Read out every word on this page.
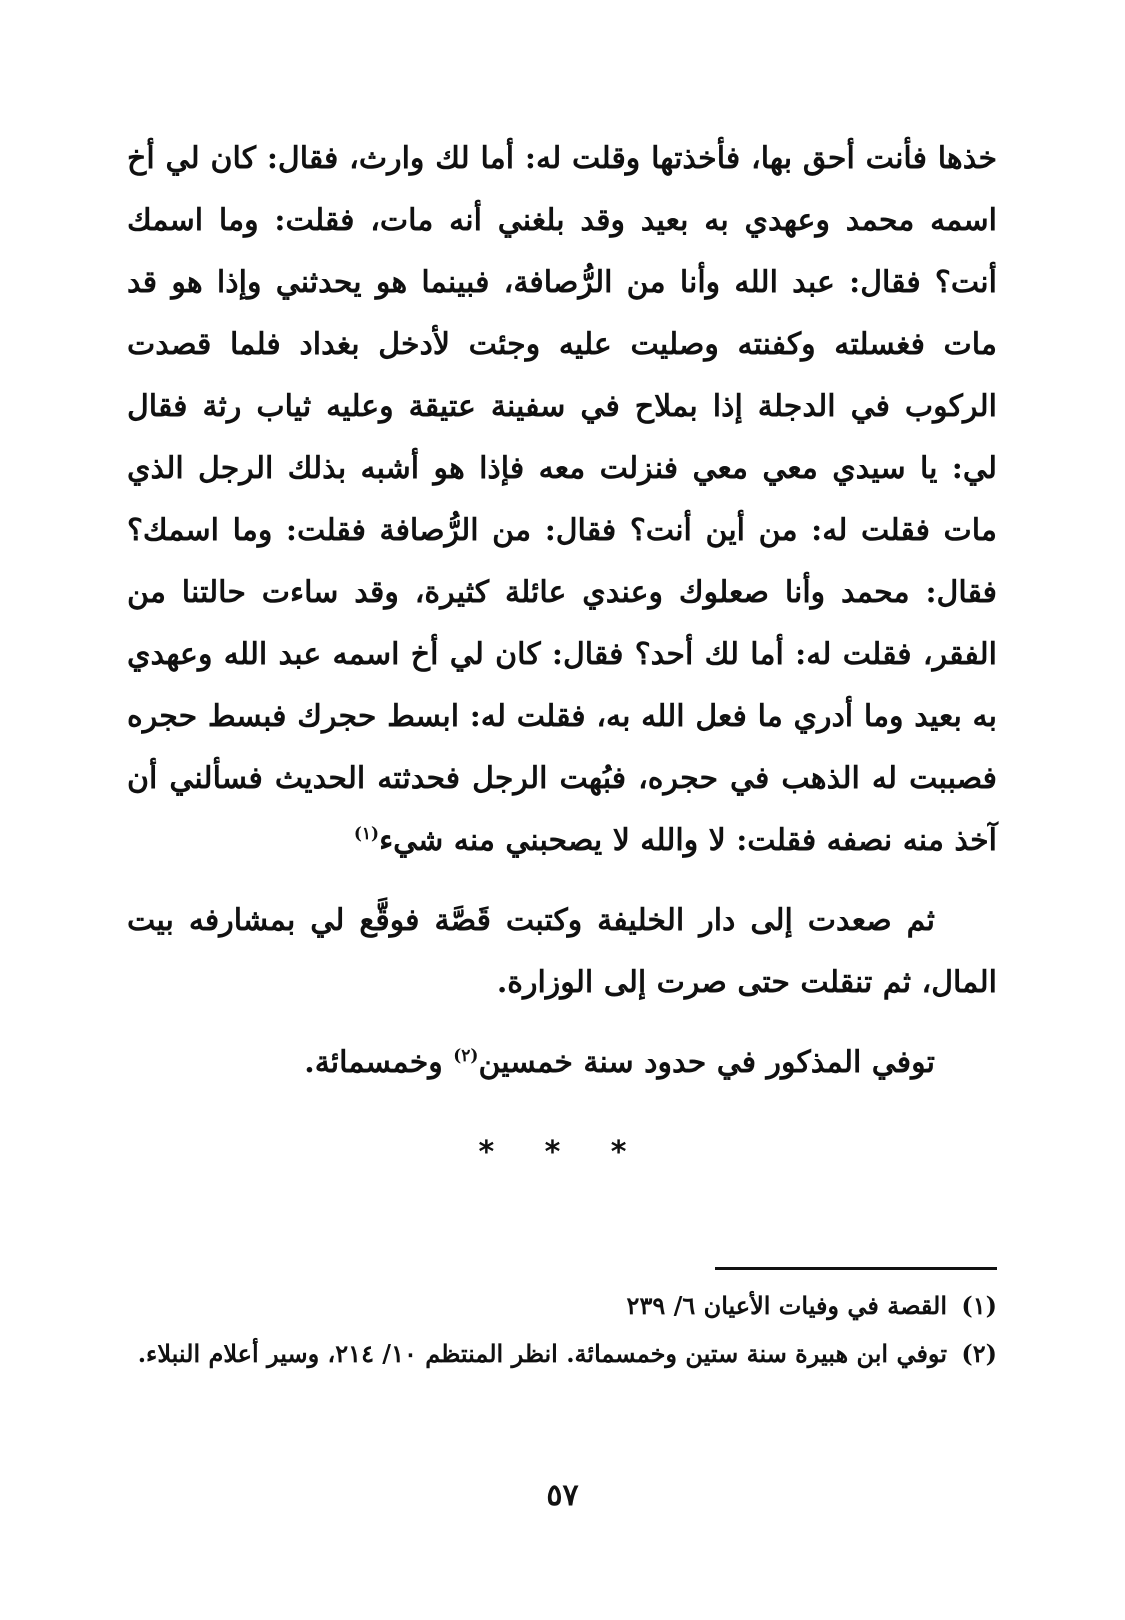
خذها فأنت أحق بها، فأخذتها وقلت له: أما لك وارث، فقال: كان لي أخ اسمه محمد وعهدي به بعيد وقد بلغني أنه مات، فقلت: وما اسمك أنت؟ فقال: عبد الله وأنا من الرُّصافة، فبينما هو يحدثني وإذا هو قد مات فغسلته وكفنته وصليت عليه وجئت لأدخل بغداد فلما قصدت الركوب في الدجلة إذا بملاح في سفينة عتيقة وعليه ثياب رثة فقال لي: يا سيدي معي معي فنزلت معه فإذا هو أشبه بذلك الرجل الذي مات فقلت له: من أين أنت؟ فقال: من الرُّصافة فقلت: وما اسمك؟ فقال: محمد وأنا صعلوك وعندي عائلة كثيرة، وقد ساءت حالتنا من الفقر، فقلت له: أما لك أحد؟ فقال: كان لي أخ اسمه عبد الله وعهدي به بعيد وما أدري ما فعل الله به، فقلت له: ابسط حجرك فبسط حجره فصببت له الذهب في حجره، فبُهت الرجل فحدثته الحديث فسألني أن آخذ منه نصفه فقلت: لا والله لا يصحبني منه شيء$^{(١)}$

ثم صعدت إلى دار الخليفة وكتبت قَصَّة فوقَّع لي بمشارفه بيت المال، ثم تنقلت حتى صرت إلى الوزارة.

توفي المذكور في حدود سنة خمسين$^{(٢)}$ وخمسمائة.

* * *
(١)
القصة في وفيات الأعيان ٦/ ٢٣٩
(٢)
توفي ابن هبيرة سنة ستين وخمسمائة. انظر المنتظم ١٠/ ٢١٤، وسير أعلام النبلاء.
٥٧
